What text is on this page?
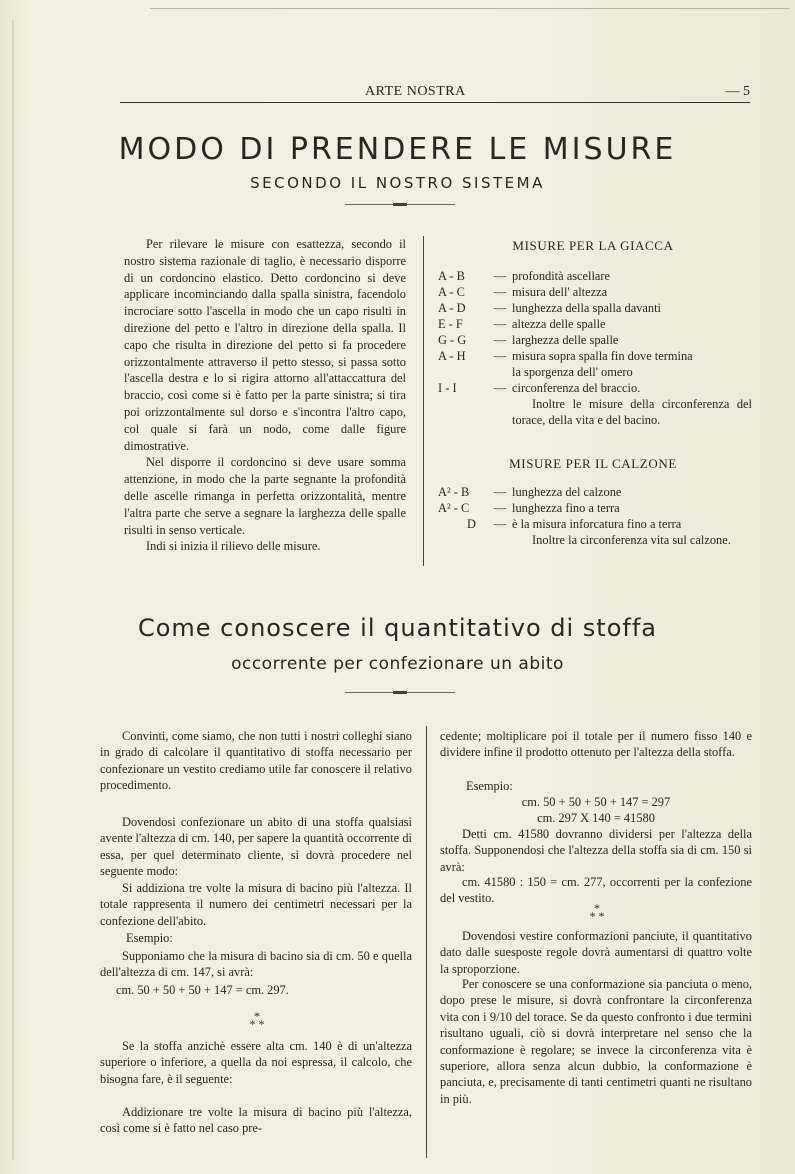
ARTE NOSTRA	— 5
MODO DI PRENDERE LE MISURE
SECONDO IL NOSTRO SISTEMA

Per rilevare le misure con esattezza, secondo il nostro sistema razionale di taglio, è necessario disporre di un cordoncino elastico. Detto cordoncino si deve applicare incominciando dalla spalla sinistra, facendolo incrociare sotto l'ascella in modo che un capo risulti in direzione del petto e l'altro in direzione della spalla. Il capo che risulta in direzione del petto si fa procedere orizzontalmente attraverso il petto stesso, si passa sotto l'ascella destra e lo si rigira attorno all'attaccattura del braccio, così come si è fatto per la parte sinistra; si tira poi orizzontalmente sul dorso e s'incontra l'altro capo, col quale si farà un nodo, come dalle figure dimostrative.

Nel disporre il cordoncino si deve usare somma attenzione, in modo che la parte segnante la profondità delle ascelle rimanga in perfetta orizzontalità, mentre l'altra parte che serve a segnare la larghezza delle spalle risulti in senso verticale.

Indi si inizia il rilievo delle misure.

MISURE PER LA GIACCA
A - B	— profondità ascellare
A - C	— misura dell' altezza
A - D	— lunghezza della spalla davanti
E - F	— altezza delle spalle
G - G	— larghezza delle spalle
A - H	— misura sopra spalla fin dove termina
la sporgenza dell' omero
I - I	— circonferenza del braccio.
Inoltre le misure della circonferenza del torace, della vita e del bacino.
MISURE PER IL CALZONE
A² - B	— lunghezza del calzone
A² - C	— lunghezza fino a terra
D — è la misura inforcatura fino a terra
Inoltre la circonferenza vita sul calzone.
Come conoscere il quantitativo di stoffa
occorrente per confezionare un abito
Convinti, come siamo, che non tutti i nostri colleghi siano in grado di calcolare il quantitativo di stoffa necessario per confezionare un vestito crediamo utile far conoscere il relativo procedimento.
Dovendosi confezionare un abito di una stoffa qualsiasi avente l'altezza di cm. 140, per sapere la quantità occorrente di essa, per quel determinato cliente, si dovrà procedere nel seguente modo:
Si addiziona tre volte la misura di bacino più l'altezza. Il totale rappresenta il numero dei centimetri necessari per la confezione dell'abito.
Esempio:
Supponiamo che la misura di bacino sia di cm. 50 e quella dell'altezza di cm. 147, si avrà:
cm. 50 + 50 + 50 + 147 = cm. 297.
*
* *
Se la stoffa anzichè essere alta cm. 140 è di un'altezza superiore o inferiore, a quella da noi espressa, il calcolo, che bisogna fare, è il seguente:
Addizionare tre volte la misura di bacino più l'altezza, così come si è fatto nel caso pre-
cedente; moltiplicare poi il totale per il numero fisso 140 e dividere infine il prodotto ottenuto per l'altezza della stoffa.
Esempio:
cm. 50 + 50 + 50 + 147 = 297
cm. 297 X 140 = 41580
Detti cm. 41580 dovranno dividersi per l'altezza della stoffa. Supponendosi che l'altezza della stoffa sia di cm. 150 si avrà:
cm. 41580 : 150 = cm. 277, occorrenti per la confezione del vestito.
*
* *
Dovendosi vestire conformazioni panciute, il quantitativo dato dalle suesposte regole dovrà aumentarsi di quattro volte la sproporzione.
Per conoscere se una conformazione sia panciuta o meno, dopo prese le misure, si dovrà confrontare la circonferenza vita con i 9/10 del torace. Se da questo confronto i due termini risultano uguali, ciò si dovrà interpretare nel senso che la conformazione è regolare; se invece la circonferenza vita è superiore, allora senza alcun dubbio, la conformazione è panciuta, e, precisamente di tanti centimetri quanti ne risultano in più.
